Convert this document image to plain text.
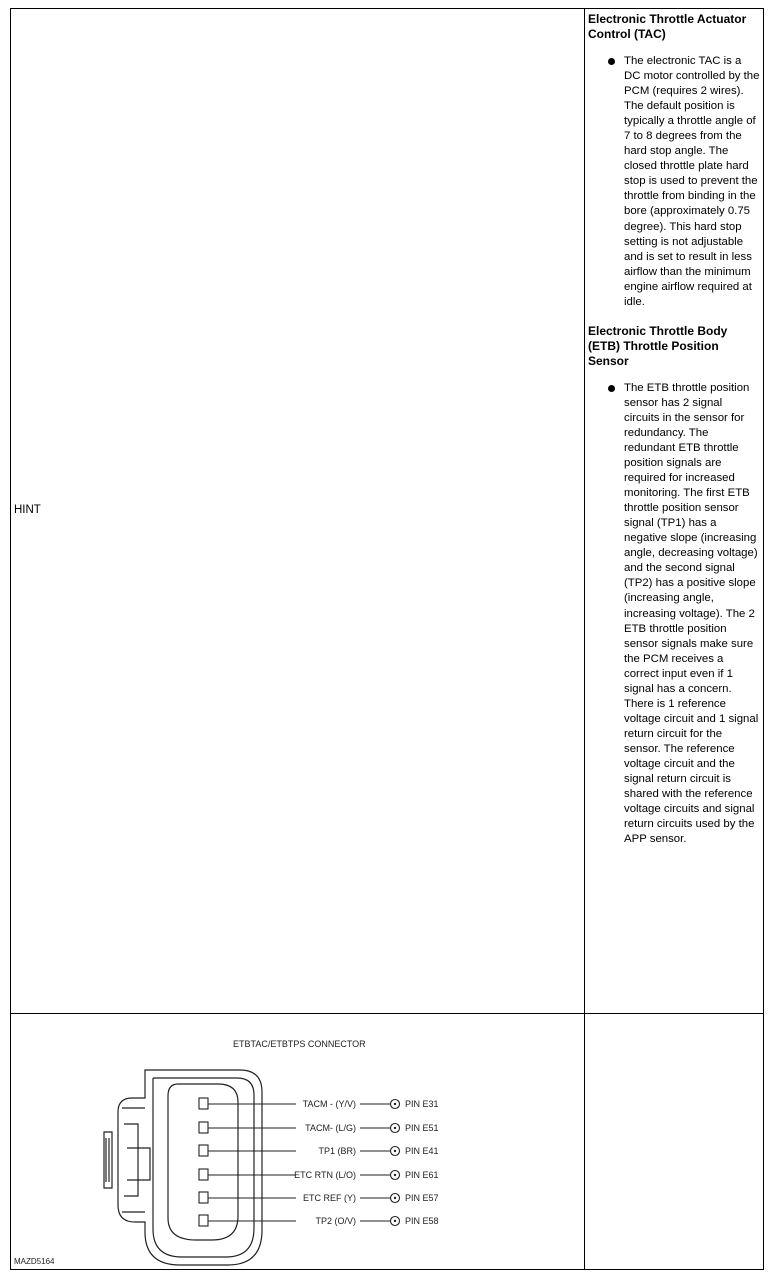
HINT
Electronic Throttle Actuator Control (TAC)
The electronic TAC is a DC motor controlled by the PCM (requires 2 wires). The default position is typically a throttle angle of 7 to 8 degrees from the hard stop angle. The closed throttle plate hard stop is used to prevent the throttle from binding in the bore (approximately 0.75 degree). This hard stop setting is not adjustable and is set to result in less airflow than the minimum engine airflow required at idle.
Electronic Throttle Body (ETB) Throttle Position Sensor
The ETB throttle position sensor has 2 signal circuits in the sensor for redundancy. The redundant ETB throttle position signals are required for increased monitoring. The first ETB throttle position sensor signal (TP1) has a negative slope (increasing angle, decreasing voltage) and the second signal (TP2) has a positive slope (increasing angle, increasing voltage). The 2 ETB throttle position sensor signals make sure the PCM receives a correct input even if 1 signal has a concern. There is 1 reference voltage circuit and 1 signal return circuit for the sensor. The reference voltage circuit and the signal return circuit is shared with the reference voltage circuits and signal return circuits used by the APP sensor.
ETBTAC/ETBTPS CONNECTOR
MAZD5164
TACM - (Y/V)	PIN E31
TACM- (L/G)	PIN E51
TP1 (BR)	PIN E41
ETC RTN (L/O)	PIN E61
ETC REF (Y)	PIN E57
TP2 (O/V)	PIN E58
